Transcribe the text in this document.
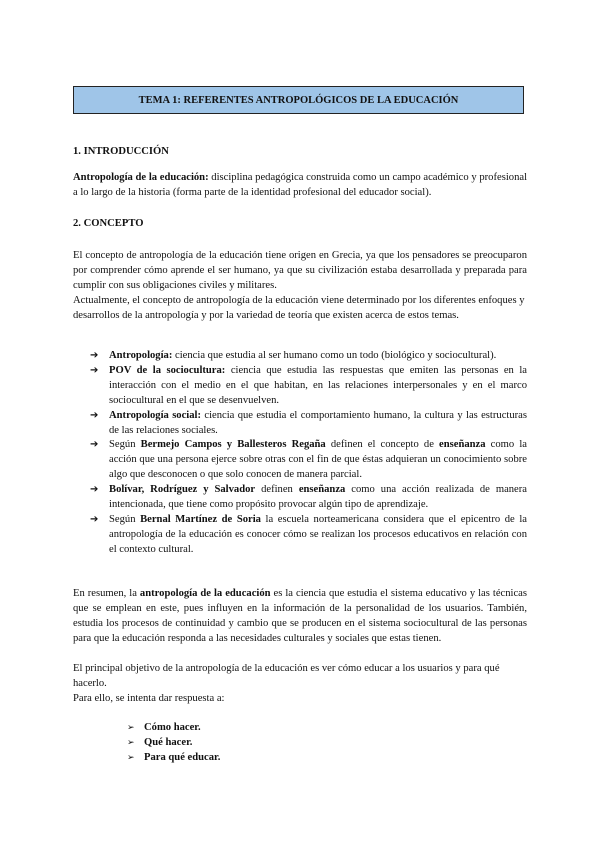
TEMA 1: REFERENTES ANTROPOLÓGICOS DE LA EDUCACIÓN
1. INTRODUCCIÓN
Antropología de la educación: disciplina pedagógica construida como un campo académico y profesional a lo largo de la historia (forma parte de la identidad profesional del educador social).
2. CONCEPTO
El concepto de antropología de la educación tiene origen en Grecia, ya que los pensadores se preocuparon por comprender cómo aprende el ser humano, ya que su civilización estaba desarrollada y preparada para cumplir con sus obligaciones civiles y militares.
Actualmente, el concepto de antropología de la educación viene determinado por los diferentes enfoques y desarrollos de la antropología y por la variedad de teoría que existen acerca de estos temas.
➔ Antropología: ciencia que estudia al ser humano como un todo (biológico y sociocultural).
➔ POV de la sociocultura: ciencia que estudia las respuestas que emiten las personas en la interacción con el medio en el que habitan, en las relaciones interpersonales y en el marco sociocultural en el que se desenvuelven.
➔ Antropología social: ciencia que estudia el comportamiento humano, la cultura y las estructuras de las relaciones sociales.
➔ Según Bermejo Campos y Ballesteros Regaña definen el concepto de enseñanza como la acción que una persona ejerce sobre otras con el fin de que éstas adquieran un conocimiento sobre algo que desconocen o que solo conocen de manera parcial.
➔ Bolívar, Rodríguez y Salvador definen enseñanza como una acción realizada de manera intencionada, que tiene como propósito provocar algún tipo de aprendizaje.
➔ Según Bernal Martínez de Soria la escuela norteamericana considera que el epicentro de la antropología de la educación es conocer cómo se realizan los procesos educativos en relación con el contexto cultural.
En resumen, la antropología de la educación es la ciencia que estudia el sistema educativo y las técnicas que se emplean en este, pues influyen en la información de la personalidad de los usuarios. También, estudia los procesos de continuidad y cambio que se producen en el sistema sociocultural de las personas para que la educación responda a las necesidades culturales y sociales que estas tienen.
El principal objetivo de la antropología de la educación es ver cómo educar a los usuarios y para qué hacerlo.
Para ello, se intenta dar respuesta a:
➢ Cómo hacer.
➢ Qué hacer.
➢ Para qué educar.
